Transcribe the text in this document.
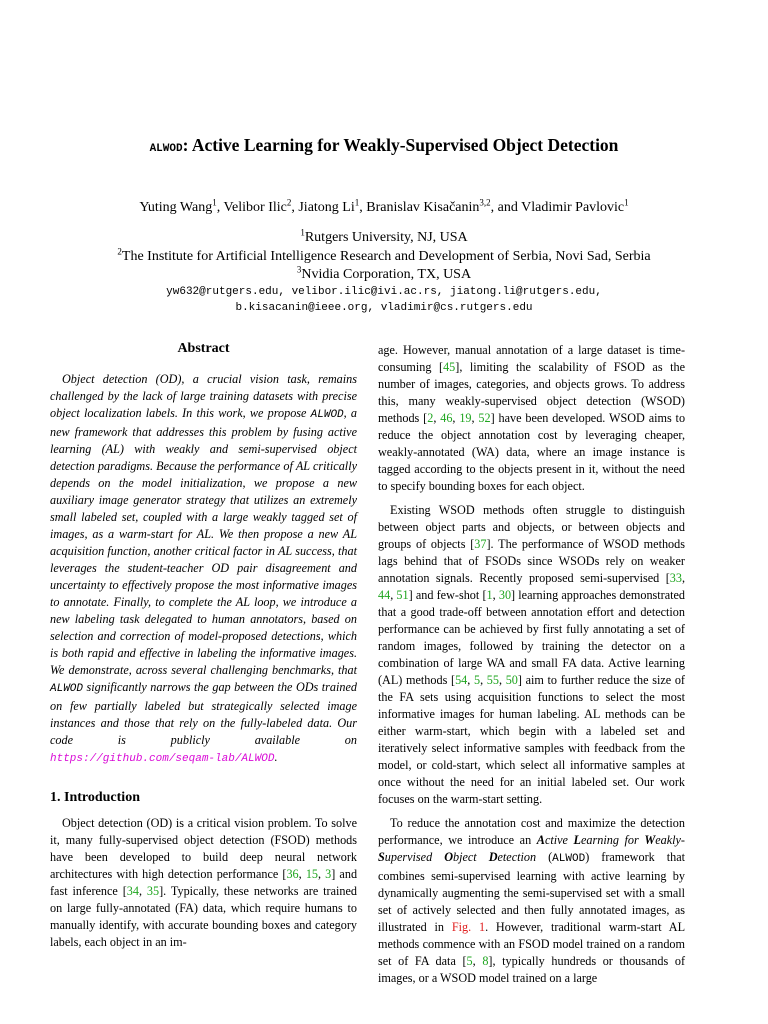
ALWOD: Active Learning for Weakly-Supervised Object Detection
Yuting Wang$^1$, Velibor Ilic$^2$, Jiatong Li$^1$, Branislav Kisačanin$^{3,2}$, and Vladimir Pavlovic$^1$
$^1$Rutgers University, NJ, USA
$^2$The Institute for Artificial Intelligence Research and Development of Serbia, Novi Sad, Serbia
$^3$Nvidia Corporation, TX, USA
yw632@rutgers.edu, velibor.ilic@ivi.ac.rs, jiatong.li@rutgers.edu,
b.kisacanin@ieee.org, vladimir@cs.rutgers.edu
Abstract

Object detection (OD), a crucial vision task, remains challenged by the lack of large training datasets with precise object localization labels. In this work, we propose ALWOD, a new framework that addresses this problem by fusing active learning (AL) with weakly and semi-supervised object detection paradigms. Because the performance of AL critically depends on the model initialization, we propose a new auxiliary image generator strategy that utilizes an extremely small labeled set, coupled with a large weakly tagged set of images, as a warm-start for AL. We then propose a new AL acquisition function, another critical factor in AL success, that leverages the student-teacher OD pair disagreement and uncertainty to effectively propose the most informative images to annotate. Finally, to complete the AL loop, we introduce a new labeling task delegated to human annotators, based on selection and correction of model-proposed detections, which is both rapid and effective in labeling the informative images. We demonstrate, across several challenging benchmarks, that ALWOD significantly narrows the gap between the ODs trained on few partially labeled but strategically selected image instances and those that rely on the fully-labeled data. Our code is publicly available on https://github.com/seqam-lab/ALWOD.

1. Introduction

Object detection (OD) is a critical vision problem. To solve it, many fully-supervised object detection (FSOD) methods have been developed to build deep neural network architectures with high detection performance [36, 15, 3] and fast inference [34, 35]. Typically, these networks are trained on large fully-annotated (FA) data, which require humans to manually identify, with accurate bounding boxes and category labels, each object in an im-

age. However, manual annotation of a large dataset is time-consuming [45], limiting the scalability of FSOD as the number of images, categories, and objects grows. To address this, many weakly-supervised object detection (WSOD) methods [2, 46, 19, 52] have been developed. WSOD aims to reduce the object annotation cost by leveraging cheaper, weakly-annotated (WA) data, where an image instance is tagged according to the objects present in it, without the need to specify bounding boxes for each object.

Existing WSOD methods often struggle to distinguish between object parts and objects, or between objects and groups of objects [37]. The performance of WSOD methods lags behind that of FSODs since WSODs rely on weaker annotation signals. Recently proposed semi-supervised [33, 44, 51] and few-shot [1, 30] learning approaches demonstrated that a good trade-off between annotation effort and detection performance can be achieved by first fully annotating a set of random images, followed by training the detector on a combination of large WA and small FA data. Active learning (AL) methods [54, 5, 55, 50] aim to further reduce the size of the FA sets using acquisition functions to select the most informative images for human labeling. AL methods can be either warm-start, which begin with a labeled set and iteratively select informative samples with feedback from the model, or cold-start, which select all informative samples at once without the need for an initial labeled set. Our work focuses on the warm-start setting.

To reduce the annotation cost and maximize the detection performance, we introduce an Active Learning for Weakly-Supervised Object Detection (ALWOD) framework that combines semi-supervised learning with active learning by dynamically augmenting the semi-supervised set with a small set of actively selected and then fully annotated images, as illustrated in Fig. 1. However, traditional warm-start AL methods commence with an FSOD model trained on a random set of FA data [5, 8], typically hundreds or thousands of images, or a WSOD model trained on a large
